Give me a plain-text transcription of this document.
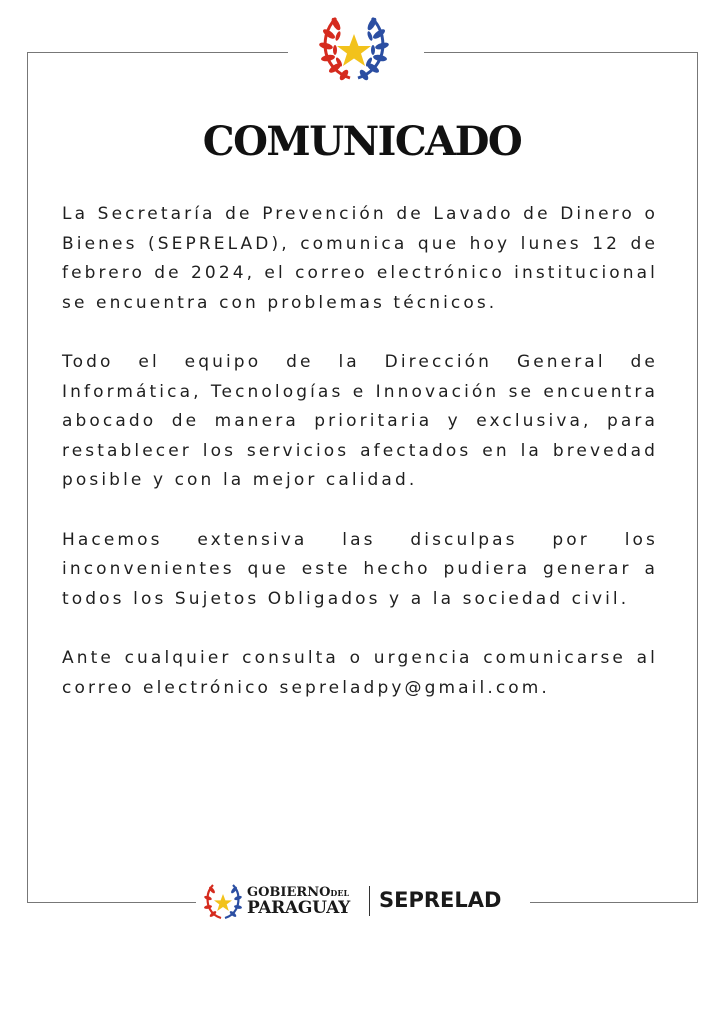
COMUNICADO

La Secretaría de Prevención de Lavado de Dinero o Bienes (SEPRELAD), comunica que hoy lunes 12 de febrero de 2024, el correo electrónico institucional se encuentra con problemas técnicos.

Todo el equipo de la Dirección General de Informática, Tecnologías e Innovación se encuentra abocado de manera prioritaria y exclusiva, para restablecer los servicios afectados en la brevedad posible y con la mejor calidad.

Hacemos extensiva las disculpas por los inconvenientes que este hecho pudiera generar a todos los Sujetos Obligados y a la sociedad civil.

Ante cualquier consulta o urgencia comunicarse al correo electrónico sepreladpy@gmail.com.

GOBIERNODEL
PARAGUAY SEPRELAD
